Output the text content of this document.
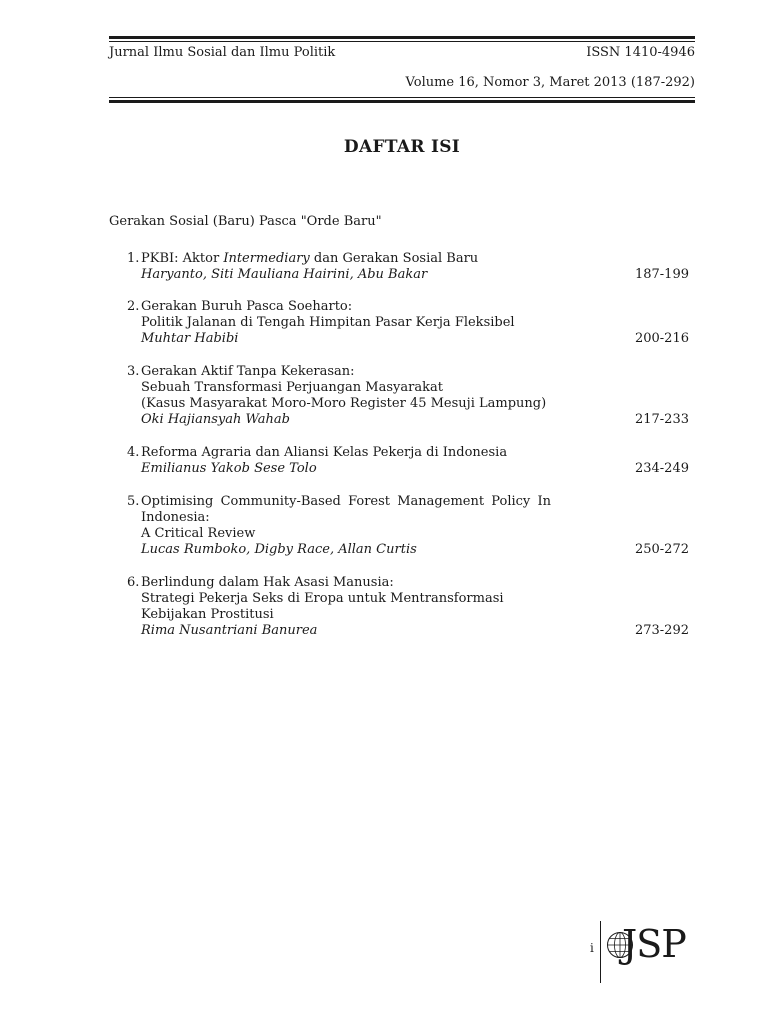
Jurnal Ilmu Sosial dan Ilmu Politik	ISSN 1410-4946
Volume 16, Nomor 3, Maret 2013 (187-292)
DAFTAR ISI
Gerakan Sosial (Baru) Pasca "Orde Baru"
1. PKBI: Aktor Intermediary dan Gerakan Sosial Baru
Haryanto, Siti Mauliana Hairini, Abu Bakar	187-199
2. Gerakan Buruh Pasca Soeharto:
Politik Jalanan di Tengah Himpitan Pasar Kerja Fleksibel
Muhtar Habibi	200-216
3. Gerakan Aktif Tanpa Kekerasan:
Sebuah Transformasi Perjuangan Masyarakat
(Kasus Masyarakat Moro-Moro Register 45 Mesuji Lampung)
Oki Hajiansyah Wahab	217-233
4. Reforma Agraria dan Aliansi Kelas Pekerja di Indonesia
Emilianus Yakob Sese Tolo	234-249
5. Optimising Community-Based Forest Management Policy In Indonesia:
A Critical Review
Lucas Rumboko, Digby Race, Allan Curtis	250-272
6. Berlindung dalam Hak Asasi Manusia:
Strategi Pekerja Seks di Eropa untuk Mentransformasi Kebijakan Prostitusi
Rima Nusantriani Banurea	273-292
i JSP
